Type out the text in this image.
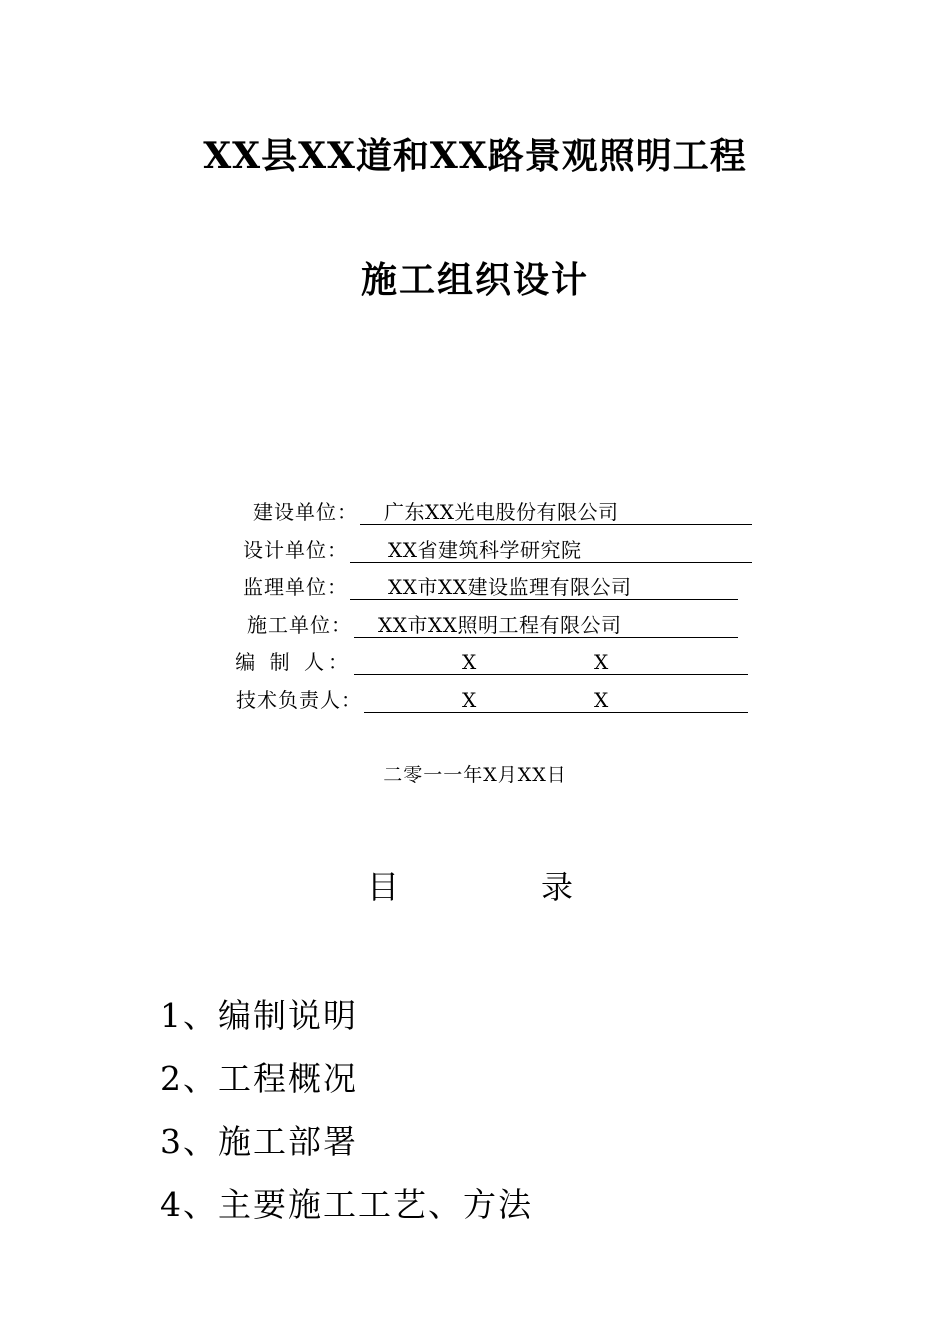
XX县XX道和XX路景观照明工程
施工组织设计
建设单位： 广东XX光电股份有限公司
设计单位： XX省建筑科学研究院
监理单位： XX市XX建设监理有限公司
施工单位： XX市XX照明工程有限公司
编 制 人：	X	X
技术负责人：	X	X
二零一一年X月XX日
目	录
1、编制说明
2、工程概况
3、施工部署
4、主要施工工艺、方法
